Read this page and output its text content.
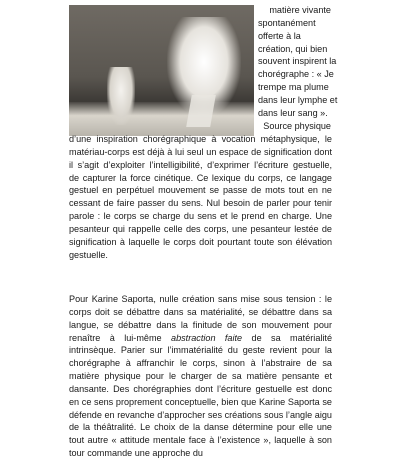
matière vivante
spontanément
offerte à la
création, qui bien
souvent inspirent la
chorégraphe : « Je
trempe ma plume
dans leur lymphe et
dans leur sang ».
Source physique

d’une inspiration chorégraphique à vocation métaphysique, le matériau-corps est déjà à lui seul un espace de signification dont il s’agit d’exploiter l’intelligibilité, d’exprimer l’écriture gestuelle, de capturer la force cinétique. Ce lexique du corps, ce langage gestuel en perpétuel mouvement se passe de mots tout en ne cessant de faire passer du sens. Nul besoin de parler pour tenir parole : le corps se charge du sens et le prend en charge. Une pesanteur qui rappelle celle des corps, une pesanteur lestée de signification à laquelle le corps doit pourtant toute son élévation gestuelle.

Pour Karine Saporta, nulle création sans mise sous tension : le corps doit se débattre dans sa matérialité, se débattre dans sa langue, se débattre dans la finitude de son mouvement pour renaître à lui-même abstraction faite de sa matérialité intrinsèque. Parier sur l’immatérialité du geste revient pour la chorégraphe à affranchir le corps, sinon à l’abstraire de sa matière physique pour le charger de sa matière pensante et dansante. Des chorégraphies dont l’écriture gestuelle est donc en ce sens proprement conceptuelle, bien que Karine Saporta se défende en revanche d’approcher ses créations sous l’angle aigu de la théâtralité. Le choix de la danse détermine pour elle une tout autre « attitude mentale face à l’existence », laquelle à son tour commande une approche du
